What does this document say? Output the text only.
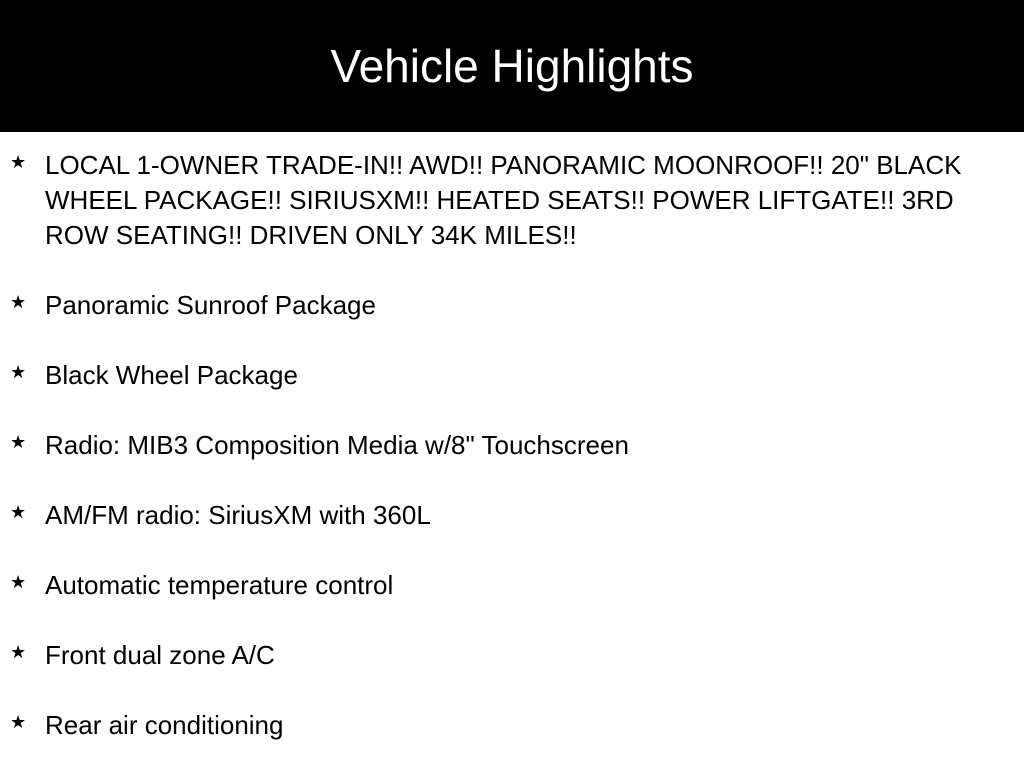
Vehicle Highlights
★ LOCAL 1-OWNER TRADE-IN!! AWD!! PANORAMIC MOONROOF!! 20" BLACK WHEEL PACKAGE!! SIRIUSXM!! HEATED SEATS!! POWER LIFTGATE!! 3RD ROW SEATING!! DRIVEN ONLY 34K MILES!!
★ Panoramic Sunroof Package
★ Black Wheel Package
★ Radio: MIB3 Composition Media w/8" Touchscreen
★ AM/FM radio: SiriusXM with 360L
★ Automatic temperature control
★ Front dual zone A/C
★ Rear air conditioning
